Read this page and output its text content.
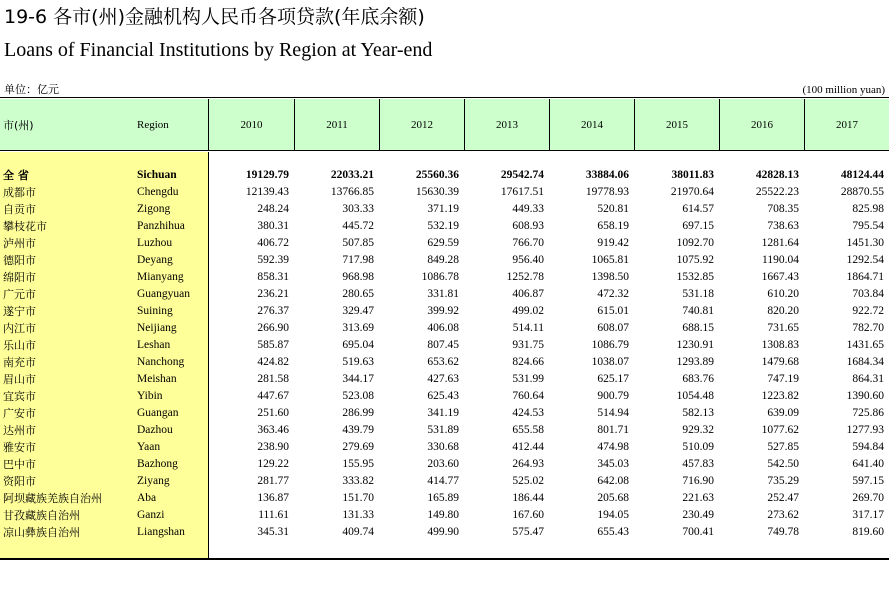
19-6 各市(州)金融机构人民币各项贷款(年底余额)
Loans of Financial Institutions by Region at Year-end
单位：亿元	(100 million yuan)
市(州)	Region	2010	2011	2012	2013	2014	2015	2016	2017
全 省	Sichuan	19129.79	22033.21	25560.36	29542.74	33884.06	38011.83	42828.13	48124.44
成都市	Chengdu	12139.43	13766.85	15630.39	17617.51	19778.93	21970.64	25522.23	28870.55
自贡市	Zigong	248.24	303.33	371.19	449.33	520.81	614.57	708.35	825.98
攀枝花市	Panzhihua	380.31	445.72	532.19	608.93	658.19	697.15	738.63	795.54
泸州市	Luzhou	406.72	507.85	629.59	766.70	919.42	1092.70	1281.64	1451.30
德阳市	Deyang	592.39	717.98	849.28	956.40	1065.81	1075.92	1190.04	1292.54
绵阳市	Mianyang	858.31	968.98	1086.78	1252.78	1398.50	1532.85	1667.43	1864.71
广元市	Guangyuan	236.21	280.65	331.81	406.87	472.32	531.18	610.20	703.84
遂宁市	Suining	276.37	329.47	399.92	499.02	615.01	740.81	820.20	922.72
内江市	Neijiang	266.90	313.69	406.08	514.11	608.07	688.15	731.65	782.70
乐山市	Leshan	585.87	695.04	807.45	931.75	1086.79	1230.91	1308.83	1431.65
南充市	Nanchong	424.82	519.63	653.62	824.66	1038.07	1293.89	1479.68	1684.34
眉山市	Meishan	281.58	344.17	427.63	531.99	625.17	683.76	747.19	864.31
宜宾市	Yibin	447.67	523.08	625.43	760.64	900.79	1054.48	1223.82	1390.60
广安市	Guangan	251.60	286.99	341.19	424.53	514.94	582.13	639.09	725.86
达州市	Dazhou	363.46	439.79	531.89	655.58	801.71	929.32	1077.62	1277.93
雅安市	Yaan	238.90	279.69	330.68	412.44	474.98	510.09	527.85	594.84
巴中市	Bazhong	129.22	155.95	203.60	264.93	345.03	457.83	542.50	641.40
资阳市	Ziyang	281.77	333.82	414.77	525.02	642.08	716.90	735.29	597.15
阿坝藏族羌族自治州	Aba	136.87	151.70	165.89	186.44	205.68	221.63	252.47	269.70
甘孜藏族自治州	Ganzi	111.61	131.33	149.80	167.60	194.05	230.49	273.62	317.17
凉山彝族自治州	Liangshan	345.31	409.74	499.90	575.47	655.43	700.41	749.78	819.60
